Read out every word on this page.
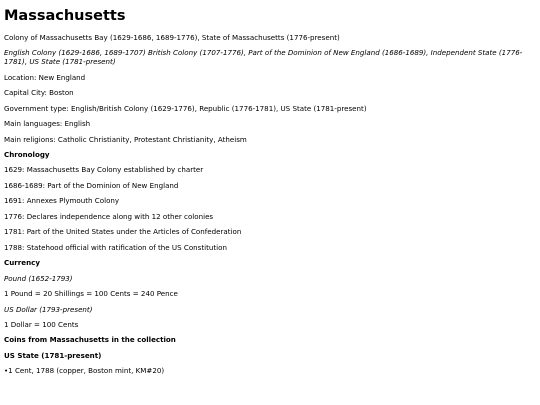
Massachusetts

Colony of Massachusetts Bay (1629-1686, 1689-1776), State of Massachusetts (1776-present)

English Colony (1629-1686, 1689-1707) British Colony (1707-1776), Part of the Dominion of New England (1686-1689), Independent State (1776-1781), US State (1781-present)

Location: New England

Capital City: Boston

Government type: English/British Colony (1629-1776), Republic (1776-1781), US State (1781-present)

Main languages: English

Main religions: Catholic Christianity, Protestant Christianity, Atheism

Chronology

1629: Massachusetts Bay Colony established by charter

1686-1689: Part of the Dominion of New England

1691: Annexes Plymouth Colony

1776: Declares independence along with 12 other colonies

1781: Part of the United States under the Articles of Confederation

1788: Statehood official with ratification of the US Constitution

Currency

Pound (1652-1793)

1 Pound = 20 Shillings = 100 Cents = 240 Pence

US Dollar (1793-present)

1 Dollar = 100 Cents

Coins from Massachusetts in the collection
US State (1781-present)

•1 Cent, 1788 (copper, Boston mint, KM#20)
